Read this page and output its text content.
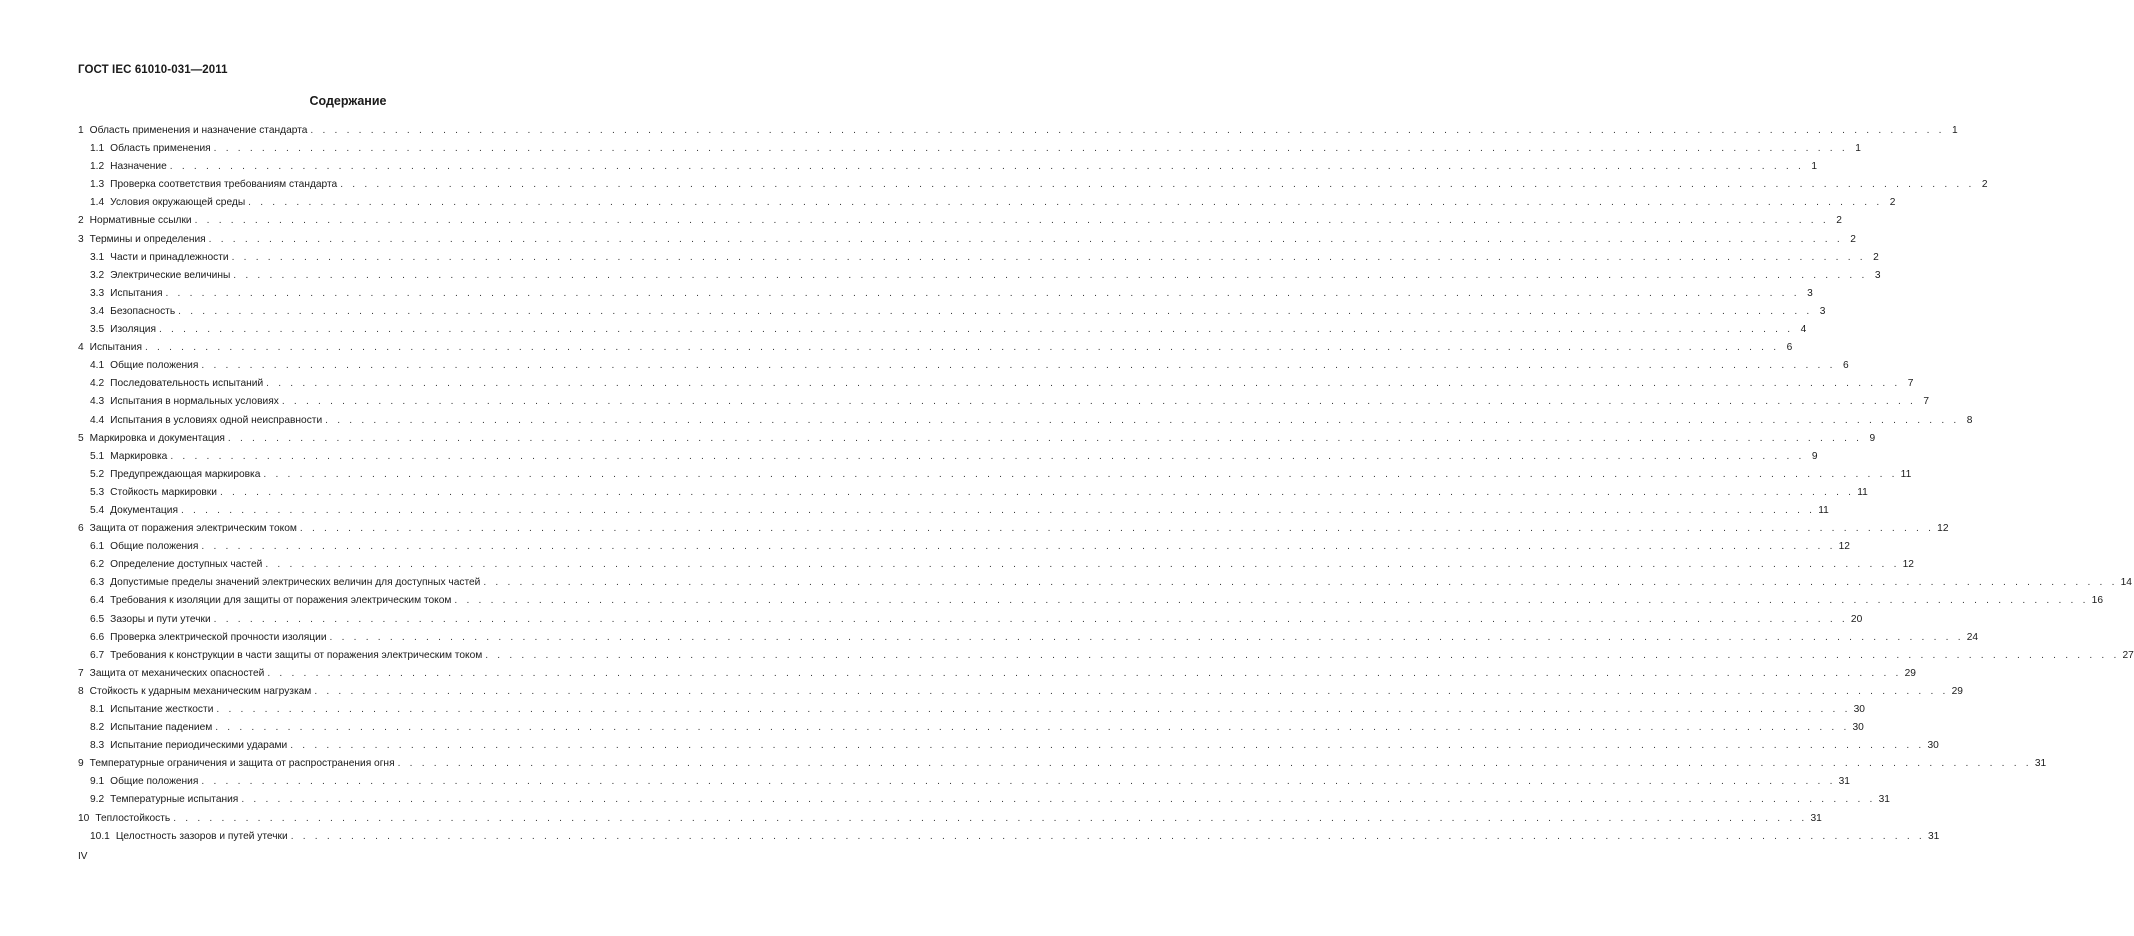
ГОСТ IEC 61010-031—2011
Содержание
1 Область применения и назначение стандарта . . .	1
1.1 Область применения . . .	1
1.2 Назначение . . .	1
1.3 Проверка соответствия требованиям стандарта . . .	2
1.4 Условия окружающей среды . . .	2
2 Нормативные ссылки . . .	2
3 Термины и определения . . .	2
3.1 Части и принадлежности . . .	2
3.2 Электрические величины . . .	3
3.3 Испытания . . .	3
3.4 Безопасность . . .	3
3.5 Изоляция . . .	4
4 Испытания . . .	6
4.1 Общие положения . . .	6
4.2 Последовательность испытаний . . .	7
4.3 Испытания в нормальных условиях . . .	7
4.4 Испытания в условиях одной неисправности . . .	8
5 Маркировка и документация . . .	9
5.1 Маркировка . . .	9
5.2 Предупреждающая маркировка . . .	11
5.3 Стойкость маркировки . . .	11
5.4 Документация . . .	11
6 Защита от поражения электрическим током . . .	12
6.1 Общие положения . . .	12
6.2 Определение доступных частей . . .	12
6.3 Допустимые пределы значений электрических величин для доступных частей . . .	14
6.4 Требования к изоляции для защиты от поражения электрическим током . . .	16
6.5 Зазоры и пути утечки . . .	20
6.6 Проверка электрической прочности изоляции . . .	24
6.7 Требования к конструкции в части защиты от поражения электрическим током . . .	27
7 Защита от механических опасностей . . .	29
8 Стойкость к ударным механическим нагрузкам . . .	29
8.1 Испытание жесткости . . .	30
8.2 Испытание падением . . .	30
8.3 Испытание периодическими ударами . . .	30
9 Температурные ограничения и защита от распространения огня . . .	31
9.1 Общие положения . . .	31
9.2 Температурные испытания . . .	31
10 Теплостойкость . . .	31
10.1 Целостность зазоров и путей утечки . . .	31
IV
